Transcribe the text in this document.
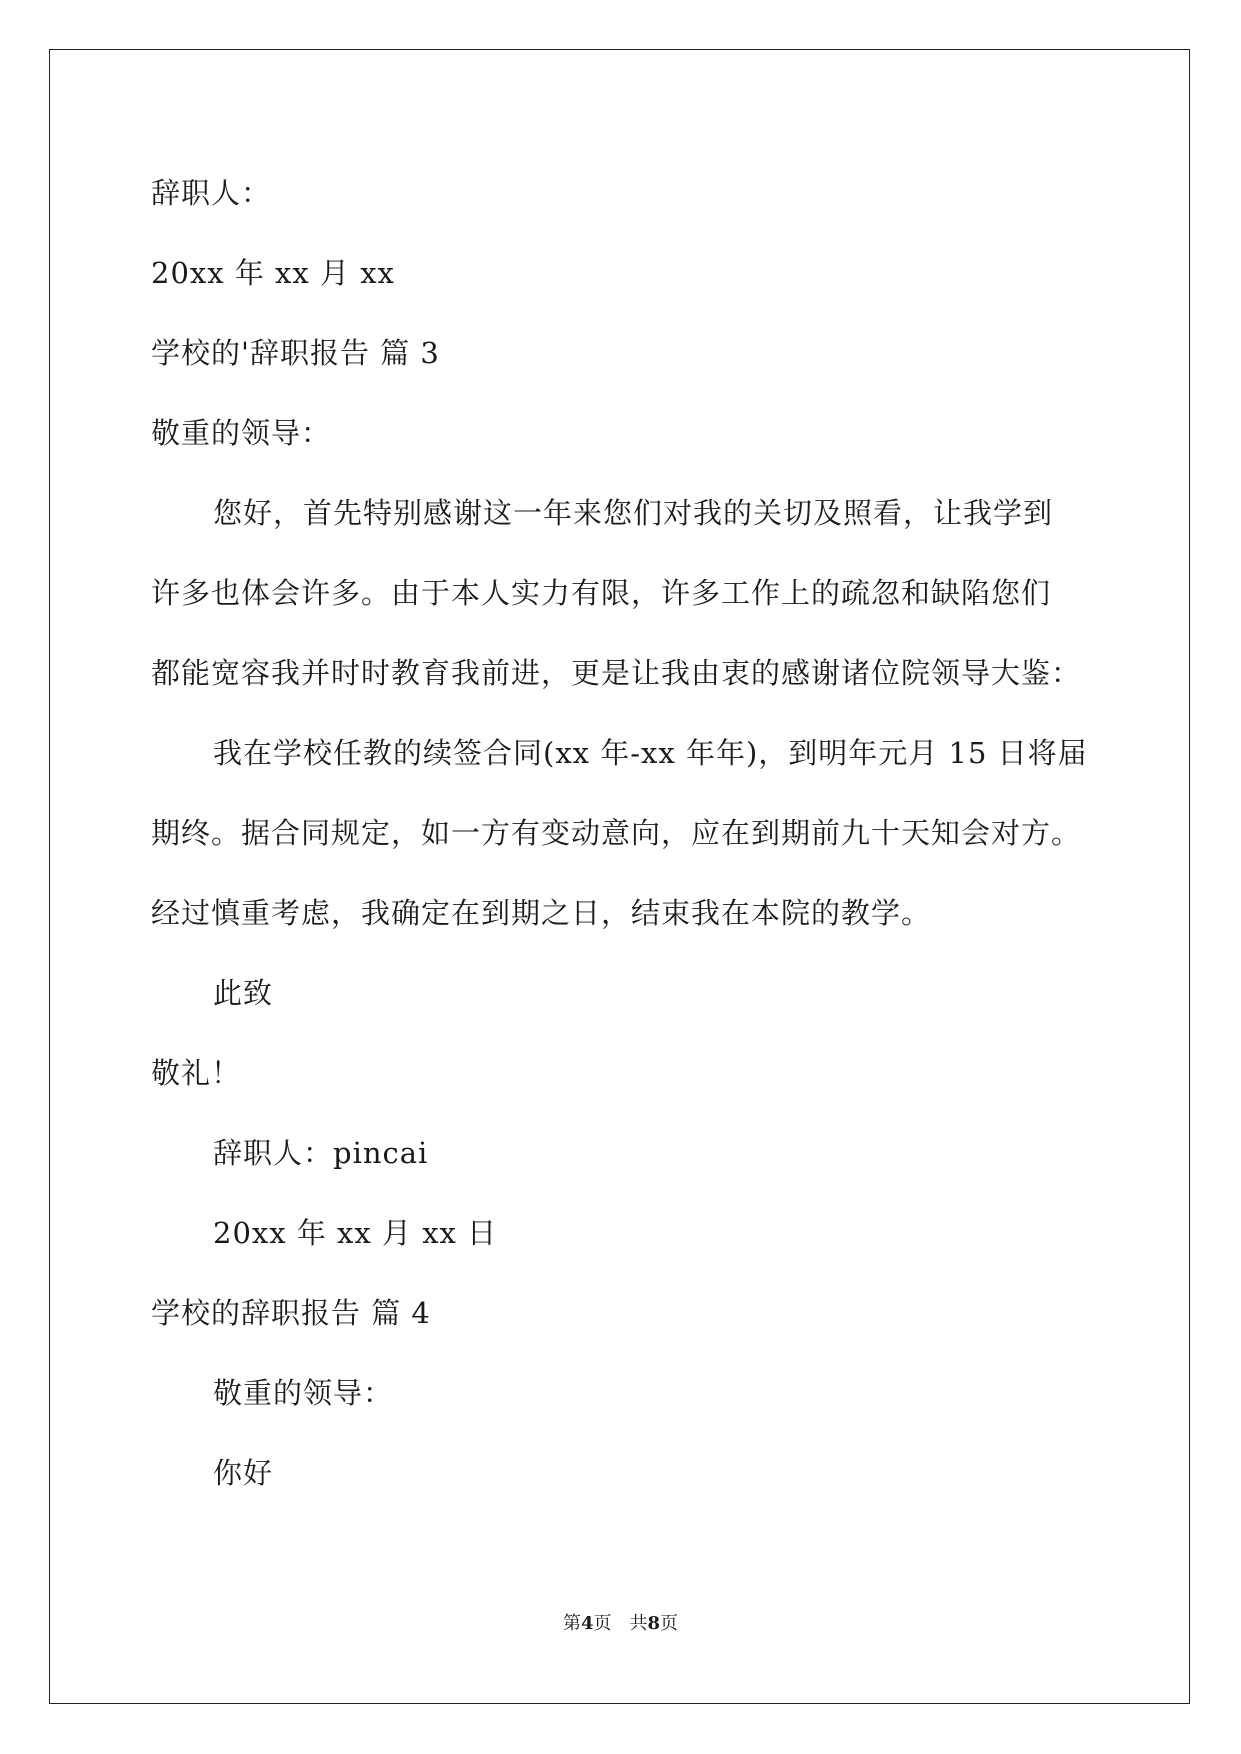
辞职人：
20xx 年 xx 月 xx
学校的'辞职报告 篇 3
敬重的领导：
您好，首先特别感谢这一年来您们对我的关切及照看，让我学到
许多也体会许多。由于本人实力有限，许多工作上的疏忽和缺陷您们
都能宽容我并时时教育我前进，更是让我由衷的感谢诸位院领导大鉴：
我在学校任教的续签合同(xx 年-xx 年年)，到明年元月 15 日将届
期终。据合同规定，如一方有变动意向，应在到期前九十天知会对方。
经过慎重考虑，我确定在到期之日，结束我在本院的教学。
此致
敬礼！
辞职人：pincai
20xx 年 xx 月 xx 日
学校的辞职报告 篇 4
敬重的领导：
你好
第4页 共8页
